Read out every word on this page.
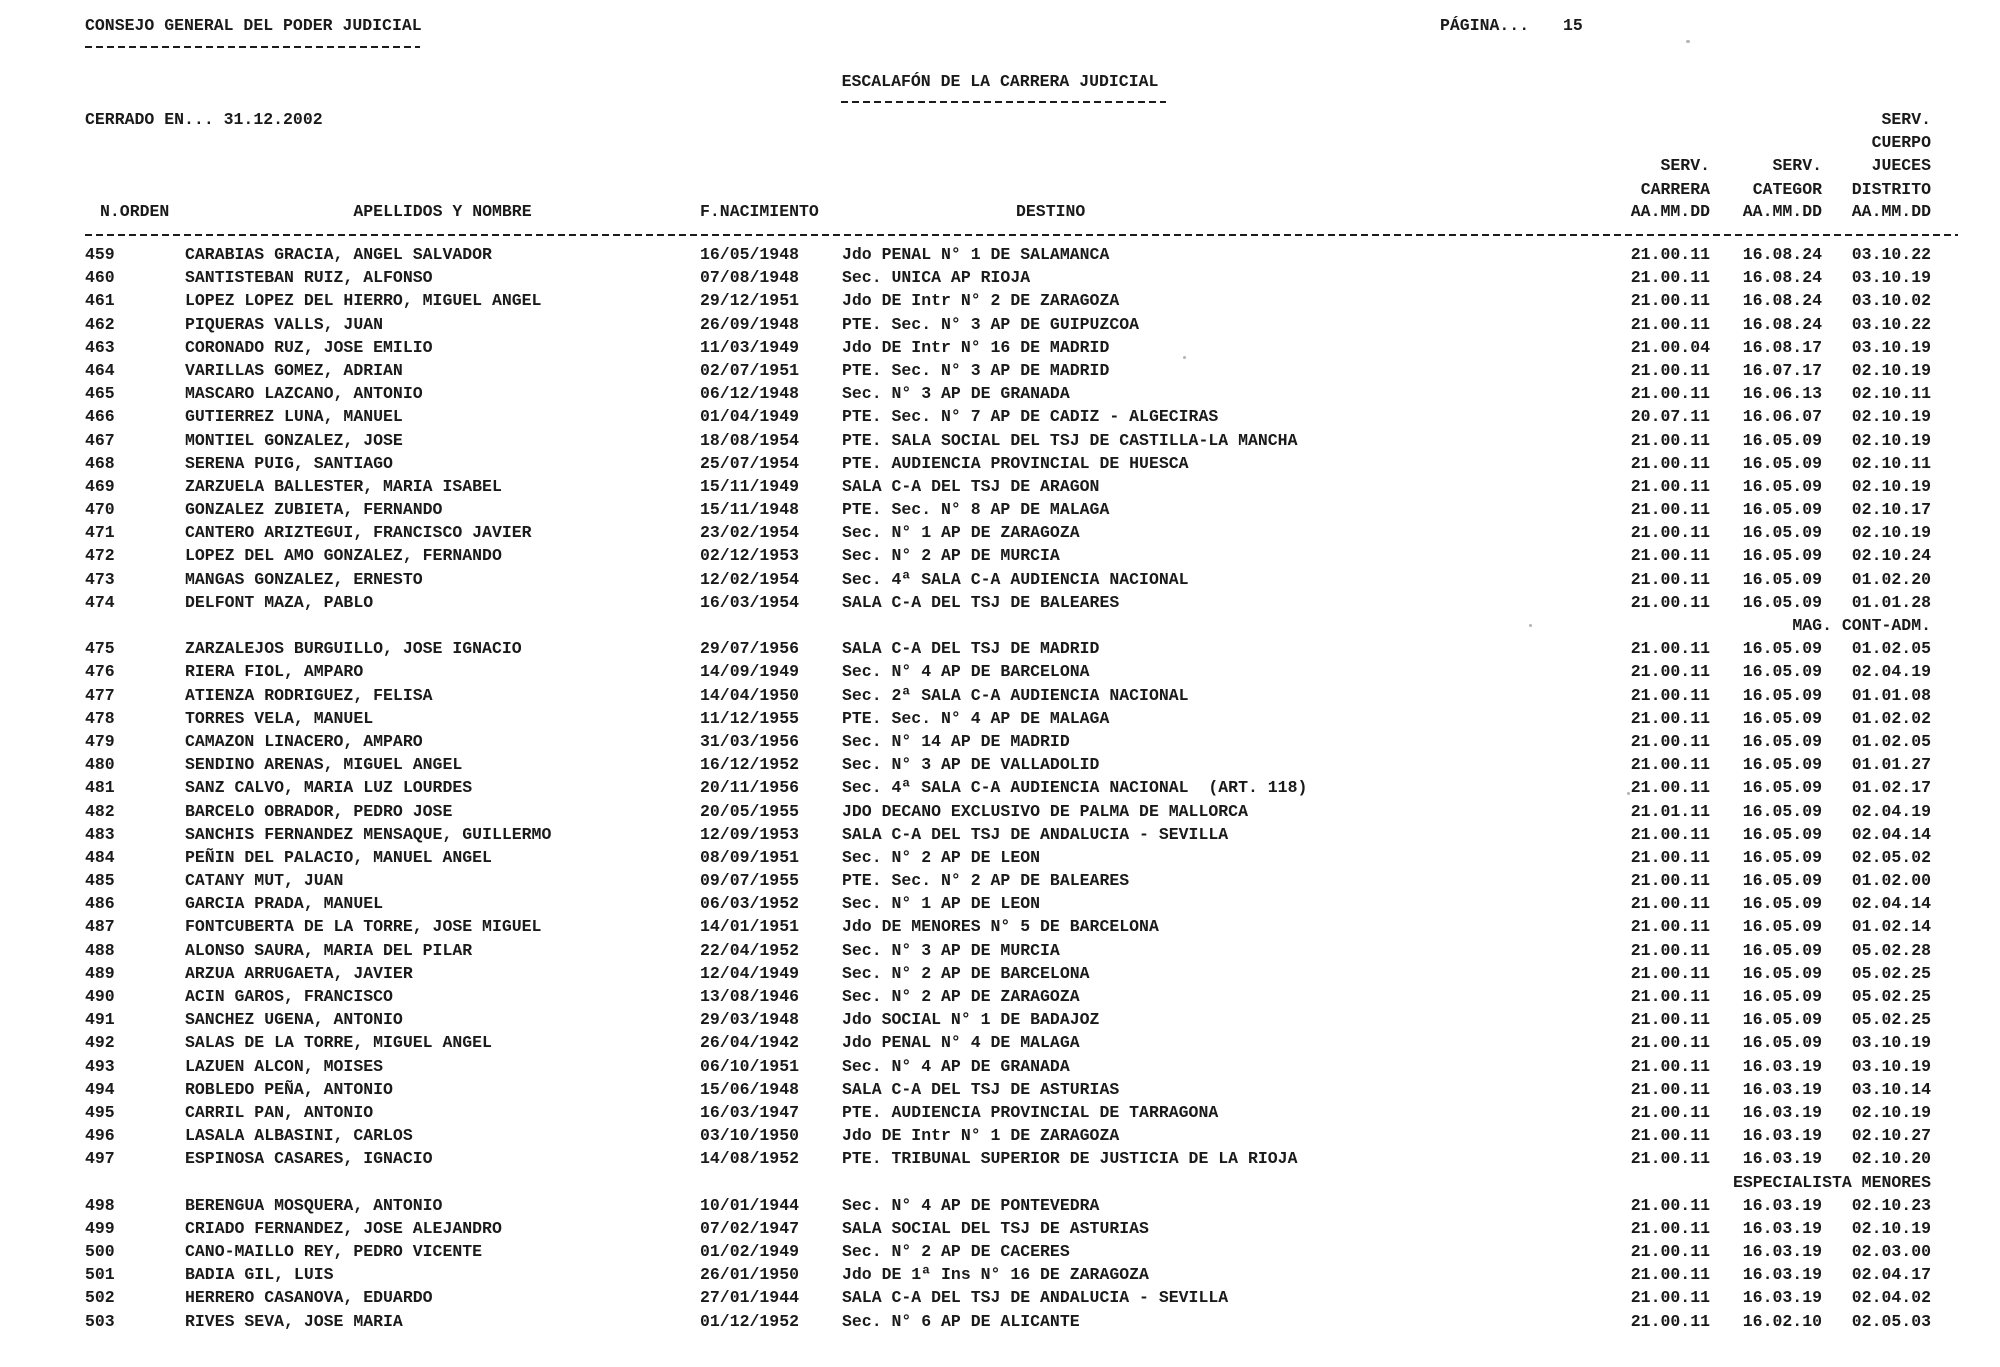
CONSEJO GENERAL DEL PODER JUDICIAL	PÁGINA... 15
ESCALAFÓN DE LA CARRERA JUDICIAL
CERRADO EN... 31.12.2002	SERV.
CUERPO
SERV.	SERV.	JUECES
CARRERA	CATEGOR	DISTRITO
N.ORDEN	APELLIDOS Y NOMBRE	F.NACIMIENTO	DESTINO	AA.MM.DD	AA.MM.DD	AA.MM.DD
459	CARABIAS GRACIA, ANGEL SALVADOR	16/05/1948	Jdo PENAL N° 1 DE SALAMANCA	21.00.11	16.08.24	03.10.22
460	SANTISTEBAN RUIZ, ALFONSO	07/08/1948	Sec. UNICA AP RIOJA	21.00.11	16.08.24	03.10.19
461	LOPEZ LOPEZ DEL HIERRO, MIGUEL ANGEL	29/12/1951	Jdo DE Intr N° 2 DE ZARAGOZA	21.00.11	16.08.24	03.10.02
462	PIQUERAS VALLS, JUAN	26/09/1948	PTE. Sec. N° 3 AP DE GUIPUZCOA	21.00.11	16.08.24	03.10.22
463	CORONADO RUZ, JOSE EMILIO	11/03/1949	Jdo DE Intr N° 16 DE MADRID	21.00.04	16.08.17	03.10.19
464	VARILLAS GOMEZ, ADRIAN	02/07/1951	PTE. Sec. N° 3 AP DE MADRID	21.00.11	16.07.17	02.10.19
465	MASCARO LAZCANO, ANTONIO	06/12/1948	Sec. N° 3 AP DE GRANADA	21.00.11	16.06.13	02.10.11
466	GUTIERREZ LUNA, MANUEL	01/04/1949	PTE. Sec. N° 7 AP DE CADIZ - ALGECIRAS	20.07.11	16.06.07	02.10.19
467	MONTIEL GONZALEZ, JOSE	18/08/1954	PTE. SALA SOCIAL DEL TSJ DE CASTILLA-LA MANCHA	21.00.11	16.05.09	02.10.19
468	SERENA PUIG, SANTIAGO	25/07/1954	PTE. AUDIENCIA PROVINCIAL DE HUESCA	21.00.11	16.05.09	02.10.11
469	ZARZUELA BALLESTER, MARIA ISABEL	15/11/1949	SALA C-A DEL TSJ DE ARAGON	21.00.11	16.05.09	02.10.19
470	GONZALEZ ZUBIETA, FERNANDO	15/11/1948	PTE. Sec. N° 8 AP DE MALAGA	21.00.11	16.05.09	02.10.17
471	CANTERO ARIZTEGUI, FRANCISCO JAVIER	23/02/1954	Sec. N° 1 AP DE ZARAGOZA	21.00.11	16.05.09	02.10.19
472	LOPEZ DEL AMO GONZALEZ, FERNANDO	02/12/1953	Sec. N° 2 AP DE MURCIA	21.00.11	16.05.09	02.10.24
473	MANGAS GONZALEZ, ERNESTO	12/02/1954	Sec. 4ª SALA C-A AUDIENCIA NACIONAL	21.00.11	16.05.09	01.02.20
474	DELFONT MAZA, PABLO	16/03/1954	SALA C-A DEL TSJ DE BALEARES	21.00.11	16.05.09	01.01.28
MAG. CONT-ADM.
475	ZARZALEJOS BURGUILLO, JOSE IGNACIO	29/07/1956	SALA C-A DEL TSJ DE MADRID	21.00.11	16.05.09	01.02.05
476	RIERA FIOL, AMPARO	14/09/1949	Sec. N° 4 AP DE BARCELONA	21.00.11	16.05.09	02.04.19
477	ATIENZA RODRIGUEZ, FELISA	14/04/1950	Sec. 2ª SALA C-A AUDIENCIA NACIONAL	21.00.11	16.05.09	01.01.08
478	TORRES VELA, MANUEL	11/12/1955	PTE. Sec. N° 4 AP DE MALAGA	21.00.11	16.05.09	01.02.02
479	CAMAZON LINACERO, AMPARO	31/03/1956	Sec. N° 14 AP DE MADRID	21.00.11	16.05.09	01.02.05
480	SENDINO ARENAS, MIGUEL ANGEL	16/12/1952	Sec. N° 3 AP DE VALLADOLID	21.00.11	16.05.09	01.01.27
481	SANZ CALVO, MARIA LUZ LOURDES	20/11/1956	Sec. 4ª SALA C-A AUDIENCIA NACIONAL  (ART. 118)	21.00.11	16.05.09	01.02.17
482	BARCELO OBRADOR, PEDRO JOSE	20/05/1955	JDO DECANO EXCLUSIVO DE PALMA DE MALLORCA	21.01.11	16.05.09	02.04.19
483	SANCHIS FERNANDEZ MENSAQUE, GUILLERMO	12/09/1953	SALA C-A DEL TSJ DE ANDALUCIA - SEVILLA	21.00.11	16.05.09	02.04.14
484	PEÑIN DEL PALACIO, MANUEL ANGEL	08/09/1951	Sec. N° 2 AP DE LEON	21.00.11	16.05.09	02.05.02
485	CATANY MUT, JUAN	09/07/1955	PTE. Sec. N° 2 AP DE BALEARES	21.00.11	16.05.09	01.02.00
486	GARCIA PRADA, MANUEL	06/03/1952	Sec. N° 1 AP DE LEON	21.00.11	16.05.09	02.04.14
487	FONTCUBERTA DE LA TORRE, JOSE MIGUEL	14/01/1951	Jdo DE MENORES N° 5 DE BARCELONA	21.00.11	16.05.09	01.02.14
488	ALONSO SAURA, MARIA DEL PILAR	22/04/1952	Sec. N° 3 AP DE MURCIA	21.00.11	16.05.09	05.02.28
489	ARZUA ARRUGAETA, JAVIER	12/04/1949	Sec. N° 2 AP DE BARCELONA	21.00.11	16.05.09	05.02.25
490	ACIN GAROS, FRANCISCO	13/08/1946	Sec. N° 2 AP DE ZARAGOZA	21.00.11	16.05.09	05.02.25
491	SANCHEZ UGENA, ANTONIO	29/03/1948	Jdo SOCIAL N° 1 DE BADAJOZ	21.00.11	16.05.09	05.02.25
492	SALAS DE LA TORRE, MIGUEL ANGEL	26/04/1942	Jdo PENAL N° 4 DE MALAGA	21.00.11	16.05.09	03.10.19
493	LAZUEN ALCON, MOISES	06/10/1951	Sec. N° 4 AP DE GRANADA	21.00.11	16.03.19	03.10.19
494	ROBLEDO PEÑA, ANTONIO	15/06/1948	SALA C-A DEL TSJ DE ASTURIAS	21.00.11	16.03.19	03.10.14
495	CARRIL PAN, ANTONIO	16/03/1947	PTE. AUDIENCIA PROVINCIAL DE TARRAGONA	21.00.11	16.03.19	02.10.19
496	LASALA ALBASINI, CARLOS	03/10/1950	Jdo DE Intr N° 1 DE ZARAGOZA	21.00.11	16.03.19	02.10.27
497	ESPINOSA CASARES, IGNACIO	14/08/1952	PTE. TRIBUNAL SUPERIOR DE JUSTICIA DE LA RIOJA	21.00.11	16.03.19	02.10.20
ESPECIALISTA MENORES
498	BERENGUA MOSQUERA, ANTONIO	10/01/1944	Sec. N° 4 AP DE PONTEVEDRA	21.00.11	16.03.19	02.10.23
499	CRIADO FERNANDEZ, JOSE ALEJANDRO	07/02/1947	SALA SOCIAL DEL TSJ DE ASTURIAS	21.00.11	16.03.19	02.10.19
500	CANO-MAILLO REY, PEDRO VICENTE	01/02/1949	Sec. N° 2 AP DE CACERES	21.00.11	16.03.19	02.03.00
501	BADIA GIL, LUIS	26/01/1950	Jdo DE 1ª Ins N° 16 DE ZARAGOZA	21.00.11	16.03.19	02.04.17
502	HERRERO CASANOVA, EDUARDO	27/01/1944	SALA C-A DEL TSJ DE ANDALUCIA - SEVILLA	21.00.11	16.03.19	02.04.02
503	RIVES SEVA, JOSE MARIA	01/12/1952	Sec. N° 6 AP DE ALICANTE	21.00.11	16.02.10	02.05.03
